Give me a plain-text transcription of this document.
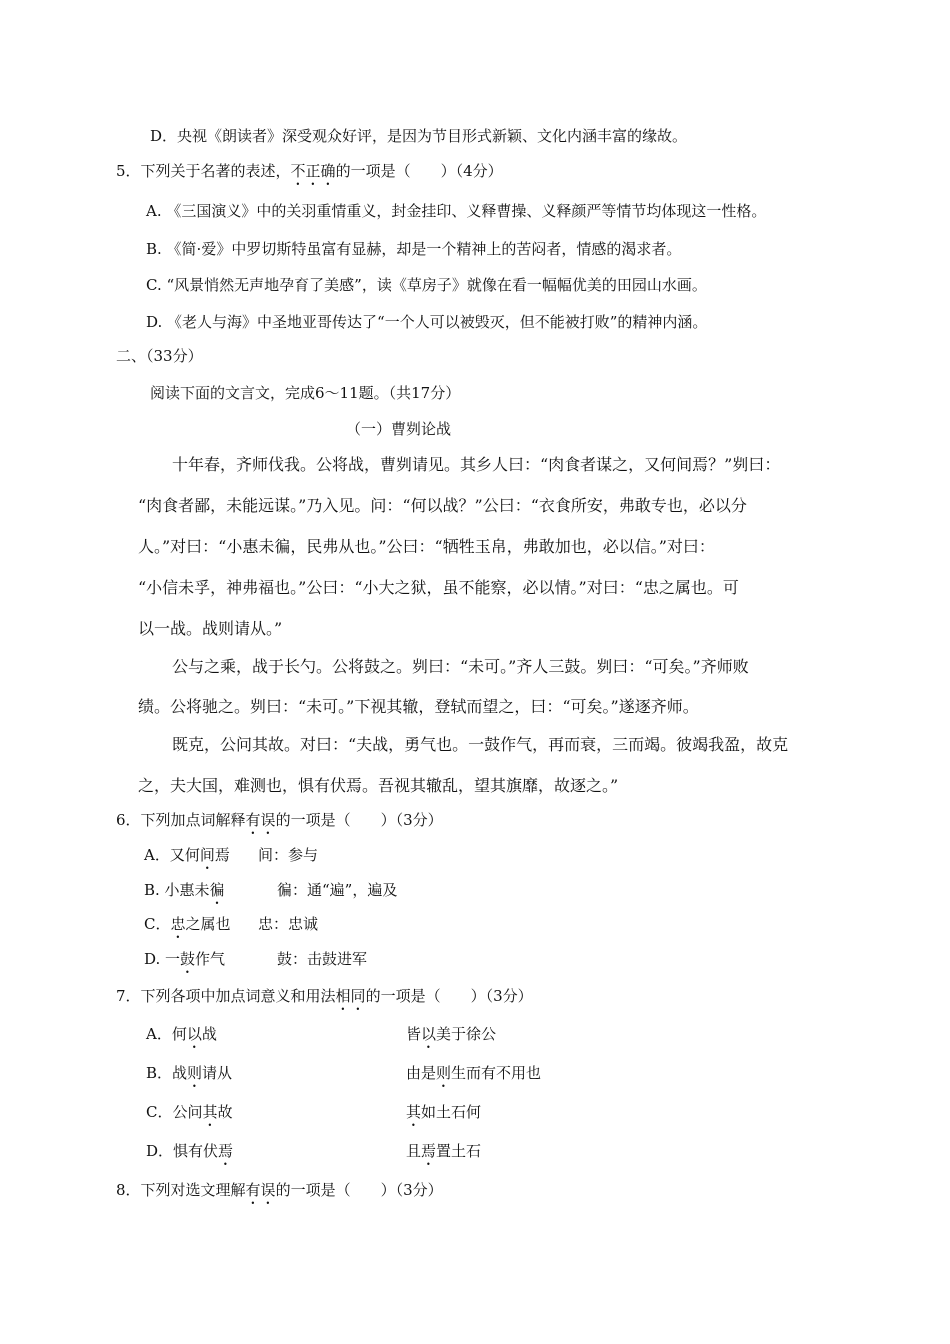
D．央视《朗读者》深受观众好评，是因为节目形式新颖、文化内涵丰富的缘故。
5．下列关于名著的表述，不正确的一项是（　　）（4分）
A. 《三国演义》中的关羽重情重义，封金挂印、义释曹操、义释颜严等情节均体现这一性格。
B. 《简·爱》中罗切斯特虽富有显赫，却是一个精神上的苦闷者，情感的渴求者。
C. “风景悄然无声地孕育了美感”，读《草房子》就像在看一幅幅优美的田园山水画。
D. 《老人与海》中圣地亚哥传达了“一个人可以被毁灭，但不能被打败”的精神内涵。
二、（33分）
阅读下面的文言文，完成6～11题。（共17分）
（一）曹刿论战
十年春，齐师伐我。公将战，曹刿请见。其乡人曰：“肉食者谋之，又何间焉？”刿曰：
“肉食者鄙，未能远谋。”乃入见。问：“何以战？”公曰：“衣食所安，弗敢专也，必以分
人。”对曰：“小惠未徧，民弗从也。”公曰：“牺牲玉帛，弗敢加也，必以信。”对曰：
“小信未孚，神弗福也。”公曰：“小大之狱，虽不能察，必以情。”对曰：“忠之属也。可
以一战。战则请从。”
公与之乘，战于长勺。公将鼓之。刿曰：“未可。”齐人三鼓。刿曰：“可矣。”齐师败
绩。公将驰之。刿曰：“未可。”下视其辙，登轼而望之，曰：“可矣。”遂逐齐师。
既克，公问其故。对曰：“夫战，勇气也。一鼓作气，再而衰，三而竭。彼竭我盈，故克
之，夫大国，难测也，惧有伏焉。吾视其辙乱，望其旗靡，故逐之。”
6．下列加点词解释有误的一项是（　　）（3分）
A．又何间焉 间：参与
B. 小惠未徧	徧：通“遍”，遍及
C．忠之属也 忠：忠诚
D. 一鼓作气	鼓：击鼓进军
7．下列各项中加点词意义和用法相同的一项是（　　）（3分）
A．何以战	皆以美于徐公
B．战则请从	由是则生而有不用也
C．公问其故	其如土石何
D．惧有伏焉	且焉置土石
8．下列对选文理解有误的一项是（　　）（3分）
